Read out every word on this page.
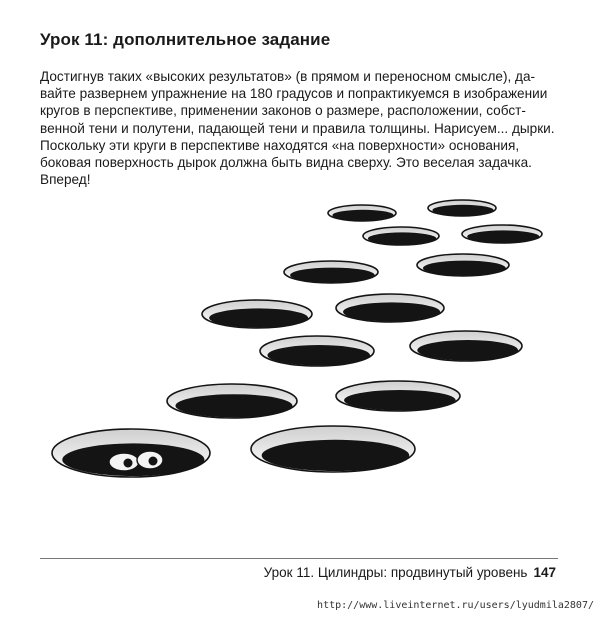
Урок 11: дополнительное задание

Достигнув таких «высоких результатов» (в прямом и переносном смысле), да-
вайте развернем упражнение на 180 градусов и попрактикуемся в изображении
кругов в перспективе, применении законов о размере, расположении, собст-
венной тени и полутени, падающей тени и правила толщины. Нарисуем... дырки.
Поскольку эти круги в перспективе находятся «на поверхности» основания,
боковая поверхность дырок должна быть видна сверху. Это веселая задачка.
Вперед!

Урок 11. Цилиндры: продвинутый уровень 147
http://www.liveinternet.ru/users/lyudmila2807/
